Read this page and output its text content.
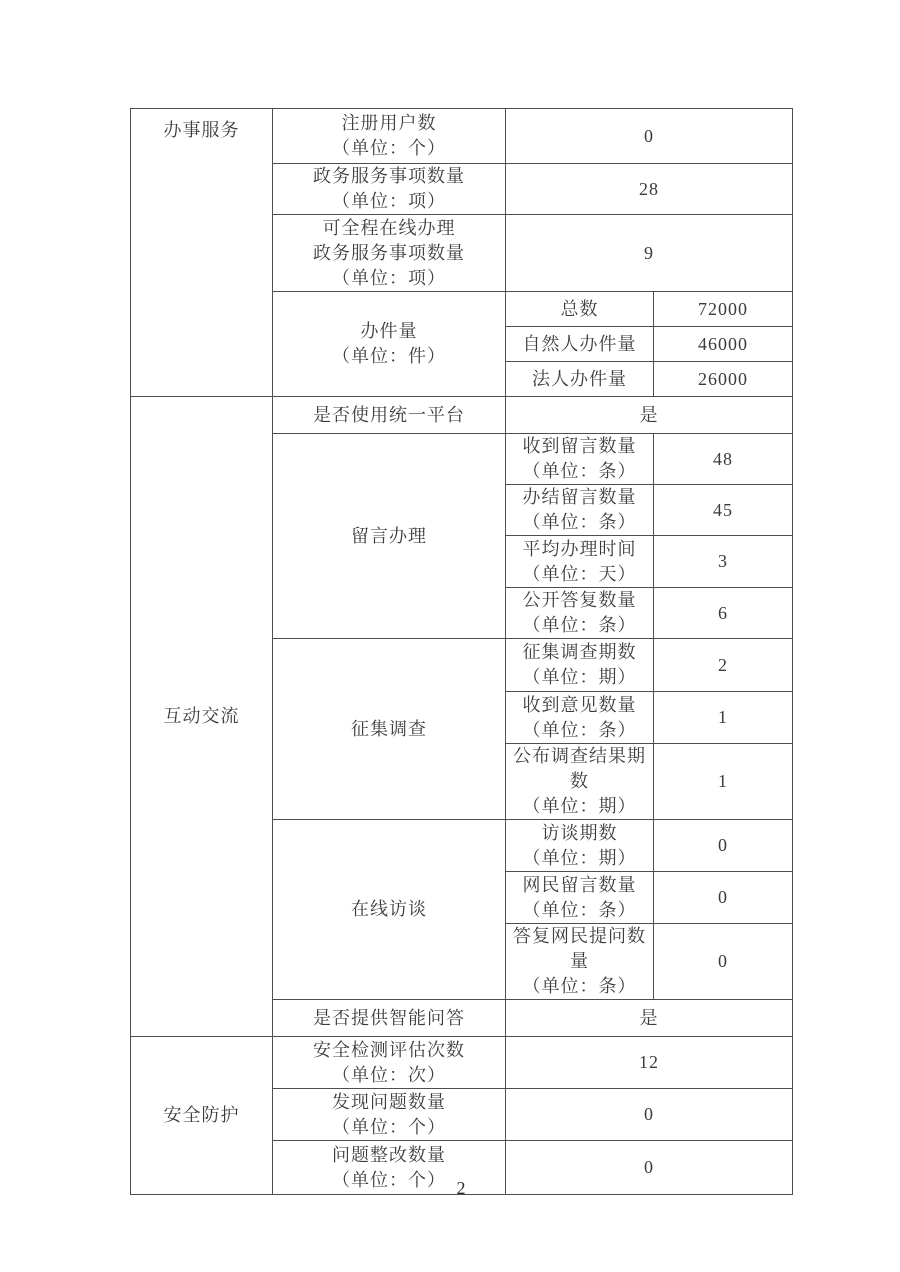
办事服务	注册用户数
（单位：个）	0	

	政务服务事项数量
（单位：项）	28	

	可全程在线办理
政务服务事项数量
（单位：项）	9	

	办件量
（单位：件）	总数	72000
		自然人办件量	46000
		法人办件量	26000
互动交流	是否使用统一平台	是	
	留言办理	收到留言数量
（单位：条）	48

		办结留言数量
（单位：条）	45

		平均办理时间
（单位：天）	3

		公开答复数量
（单位：条）	6
	征集调查	征集调查期数
（单位：期）	2

		收到意见数量
（单位：条）	1

		公布调查结果期数
（单位：期）	1
	在线访谈	访谈期数
（单位：期）	0

		网民留言数量
（单位：条）	0

		答复网民提问数量
（单位：条）	0
	是否提供智能问答	是	
安全防护	安全检测评估次数
（单位：次）	12	

	发现问题数量
（单位：个）	0	

	问题整改数量
（单位：个）	0	
2
